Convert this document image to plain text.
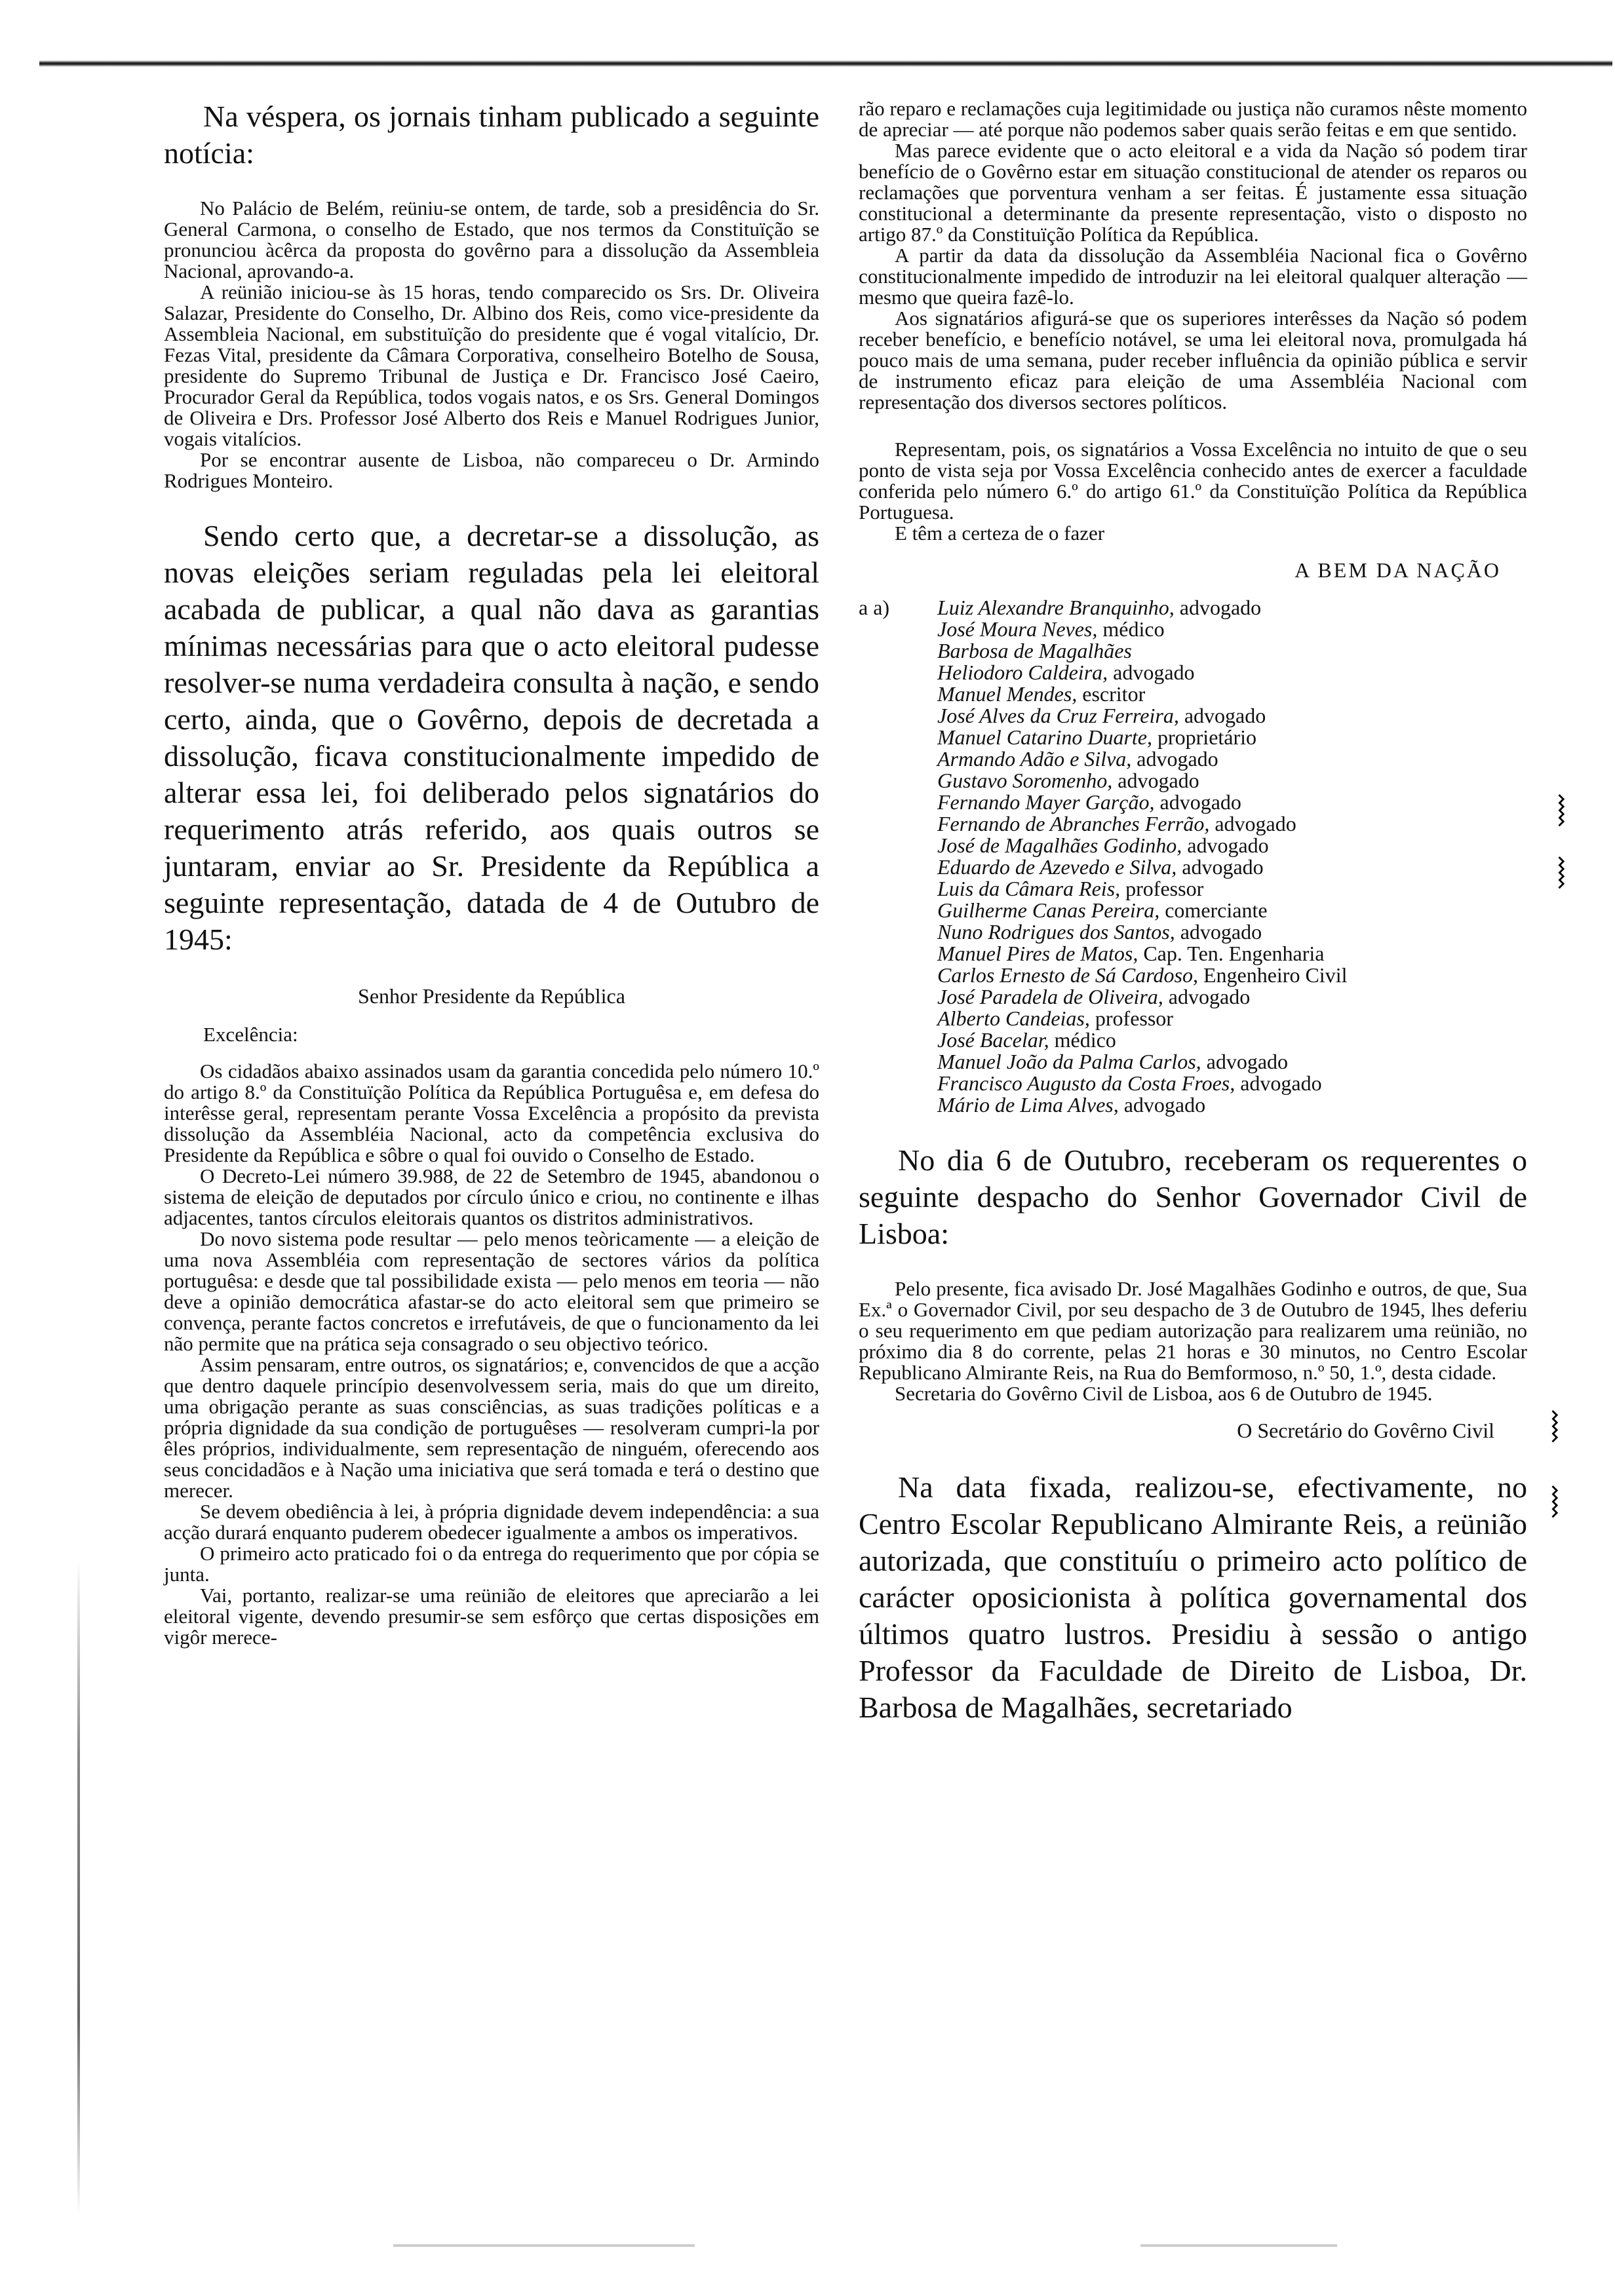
Na véspera, os jornais tinham publicado a seguinte notícia:

No Palácio de Belém, reüniu-se ontem, de tarde, sob a presidência do Sr. General Carmona, o conselho de Estado, que nos termos da Constituïção se pronunciou àcêrca da proposta do govêrno para a dissolução da Assembleia Nacional, aprovando-a.

A reünião iniciou-se às 15 horas, tendo comparecido os Srs. Dr. Oliveira Salazar, Presidente do Conselho, Dr. Albino dos Reis, como vice-presidente da Assembleia Nacional, em substituïção do presidente que é vogal vitalício, Dr. Fezas Vital, presidente da Câmara Corporativa, conselheiro Botelho de Sousa, presidente do Supremo Tribunal de Justiça e Dr. Francisco José Caeiro, Procurador Geral da República, todos vogais natos, e os Srs. General Domingos de Oliveira e Drs. Professor José Alberto dos Reis e Manuel Rodrigues Junior, vogais vitalícios.

Por se encontrar ausente de Lisboa, não compareceu o Dr. Armindo Rodrigues Monteiro.

Sendo certo que, a decretar-se a dissolução, as novas eleições seriam reguladas pela lei eleitoral acabada de publicar, a qual não dava as garantias mínimas necessárias para que o acto eleitoral pudesse resolver-se numa verdadeira consulta à nação, e sendo certo, ainda, que o Govêrno, depois de decretada a dissolução, ficava constitucionalmente impedido de alterar essa lei, foi deliberado pelos signatários do requerimento atrás referido, aos quais outros se juntaram, enviar ao Sr. Presidente da República a seguinte representação, datada de 4 de Outubro de 1945:

Senhor Presidente da República

Excelência:

Os cidadãos abaixo assinados usam da garantia concedida pelo número 10.º do artigo 8.º da Constituïção Política da República Portuguêsa e, em defesa do interêsse geral, representam perante Vossa Excelência a propósito da prevista dissolução da Assembléia Nacional, acto da competência exclusiva do Presidente da República e sôbre o qual foi ouvido o Conselho de Estado.

O Decreto-Lei número 39.988, de 22 de Setembro de 1945, abandonou o sistema de eleição de deputados por círculo único e criou, no continente e ilhas adjacentes, tantos círculos eleitorais quantos os distritos administrativos.

Do novo sistema pode resultar — pelo menos teòricamente — a eleição de uma nova Assembléia com representação de sectores vários da política portuguêsa: e desde que tal possibilidade exista — pelo menos em teoria — não deve a opinião democrática afastar-se do acto eleitoral sem que primeiro se convença, perante factos concretos e irrefutáveis, de que o funcionamento da lei não permite que na prática seja consagrado o seu objectivo teórico.

Assim pensaram, entre outros, os signatários; e, convencidos de que a acção que dentro daquele princípio desenvolvessem seria, mais do que um direito, uma obrigação perante as suas consciências, as suas tradições políticas e a própria dignidade da sua condição de portuguêses — resolveram cumpri-la por êles próprios, individualmente, sem representação de ninguém, oferecendo aos seus concidadãos e à Nação uma iniciativa que será tomada e terá o destino que merecer.

Se devem obediência à lei, à própria dignidade devem independência: a sua acção durará enquanto puderem obedecer igualmente a ambos os imperativos.

O primeiro acto praticado foi o da entrega do requerimento que por cópia se junta.

Vai, portanto, realizar-se uma reünião de eleitores que apreciarão a lei eleitoral vigente, devendo presumir-se sem esfôrço que certas disposições em vigôr merece-

rão reparo e reclamações cuja legitimidade ou justiça não curamos nêste momento de apreciar — até porque não podemos saber quais serão feitas e em que sentido.

Mas parece evidente que o acto eleitoral e a vida da Nação só podem tirar benefício de o Govêrno estar em situação constitucional de atender os reparos ou reclamações que porventura venham a ser feitas. É justamente essa situação constitucional a determinante da presente representação, visto o disposto no artigo 87.º da Constituïção Política da República.

A partir da data da dissolução da Assembléia Nacional fica o Govêrno constitucionalmente impedido de introduzir na lei eleitoral qualquer alteração — mesmo que queira fazê-lo.

Aos signatários afigurá-se que os superiores interêsses da Nação só podem receber benefício, e benefício notável, se uma lei eleitoral nova, promulgada há pouco mais de uma semana, puder receber influência da opinião pública e servir de instrumento eficaz para eleição de uma Assembléia Nacional com representação dos diversos sectores políticos.

Representam, pois, os signatários a Vossa Excelência no intuito de que o seu ponto de vista seja por Vossa Excelência conhecido antes de exercer a faculdade conferida pelo número 6.º do artigo 61.º da Constituïção Política da República Portuguesa.

E têm a certeza de o fazer

A BEM DA NAÇÃO

a a)	Luiz Alexandre Branquinho, advogado
José Moura Neves, médico
Barbosa de Magalhães
Heliodoro Caldeira, advogado
Manuel Mendes, escritor
José Alves da Cruz Ferreira, advogado
Manuel Catarino Duarte, proprietário
Armando Adão e Silva, advogado
Gustavo Soromenho, advogado
Fernando Mayer Garção, advogado
Fernando de Abranches Ferrão, advogado
José de Magalhães Godinho, advogado
Eduardo de Azevedo e Silva, advogado
Luis da Câmara Reis, professor
Guilherme Canas Pereira, comerciante
Nuno Rodrigues dos Santos, advogado
Manuel Pires de Matos, Cap. Ten. Engenharia
Carlos Ernesto de Sá Cardoso, Engenheiro Civil
José Paradela de Oliveira, advogado
Alberto Candeias, professor
José Bacelar, médico
Manuel João da Palma Carlos, advogado
Francisco Augusto da Costa Froes, advogado
Mário de Lima Alves, advogado

No dia 6 de Outubro, receberam os requerentes o seguinte despacho do Senhor Governador Civil de Lisboa:

Pelo presente, fica avisado Dr. José Magalhães Godinho e outros, de que, Sua Ex.ª o Governador Civil, por seu despacho de 3 de Outubro de 1945, lhes deferiu o seu requerimento em que pediam autorização para realizarem uma reünião, no próximo dia 8 do corrente, pelas 21 horas e 30 minutos, no Centro Escolar Republicano Almirante Reis, na Rua do Bemformoso, n.º 50, 1.º, desta cidade.

Secretaria do Govêrno Civil de Lisboa, aos 6 de Outubro de 1945.

O Secretário do Govêrno Civil

Na data fixada, realizou-se, efectivamente, no Centro Escolar Republicano Almirante Reis, a reünião autorizada, que constituíu o primeiro acto político de carácter oposicionista à política governamental dos últimos quatro lustros. Presidiu à sessão o antigo Professor da Faculdade de Direito de Lisboa, Dr. Barbosa de Magalhães, secretariado

⧘
⧘
⧘
⧘
